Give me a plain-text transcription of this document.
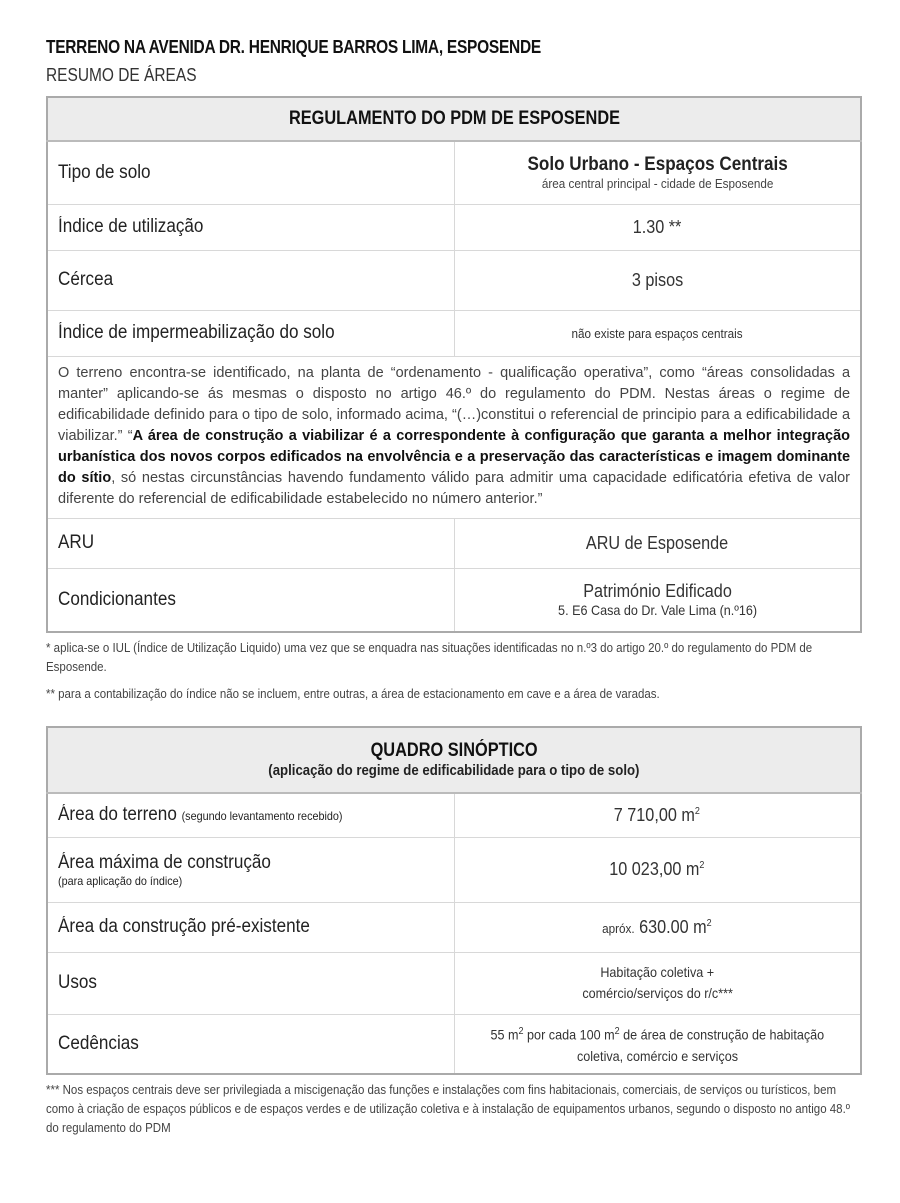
TERRENO NA AVENIDA DR. HENRIQUE BARROS LIMA, ESPOSENDE
RESUMO DE ÁREAS
REGULAMENTO DO PDM DE ESPOSENDE	
Tipo de solo	Solo Urbano - Espaços Centrais
área central principal - cidade de Esposende

Índice de utilização	1.30 **
Cércea	3 pisos
Índice de impermeabilização do solo	não existe para espaços centrais
O terreno encontra-se identificado, na planta de “ordenamento - qualificação operativa”, como “áreas consolidadas a manter” aplicando-se ás mesmas o disposto no artigo 46.º do regulamento do PDM. Nestas áreas o regime de edificabilidade definido para o tipo de solo, informado acima, “(…)constitui o referencial de principio para a edificabilidade a viabilizar.” “A área de construção a viabilizar é a correspondente à configuração que garanta a melhor integração urbanística dos novos corpos edificados na envolvência e a preservação das características e imagem dominante do sítio, só nestas circunstâncias havendo fundamento válido para admitir uma capacidade edificatória efetiva de valor diferente do referencial de edificabilidade estabelecido no número anterior.”	
ARU	ARU de Esposende
Condicionantes	Património Edificado
5. E6 Casa do Dr. Vale Lima (n.º16)

* aplica-se o IUL (Índice de Utilização Liquido) uma vez que se enquadra nas situações identificadas no n.º3 do artigo 20.º do regulamento do PDM de Esposende.

** para a contabilização do índice não se incluem, entre outras, a área de estacionamento em cave e a área de varadas.

QUADRO SINÓPTICO
(aplicação do regime de edificabilidade para o tipo de solo)	

Área do terreno (segundo levantamento recebido)	7 710,00 $m^2$

Área máxima de construção
(para aplicação do índice)	10 023,00 $m^2$
Área da construção pré-existente	apróx. 630.00 $m^2$
Usos	Habitação coletiva +
comércio/serviços do r/c***

Cedências	55 $m^2$ por cada 100 $m^2$ de área de construção de habitação
coletiva, comércio e serviços

*** Nos espaços centrais deve ser privilegiada a miscigenação das funções e instalações com fins habitacionais, comerciais, de serviços ou turísticos, bem como à criação de espaços públicos e de espaços verdes e de utilização coletiva e à instalação de equipamentos urbanos, segundo o disposto no antigo 48.º do regulamento do PDM
